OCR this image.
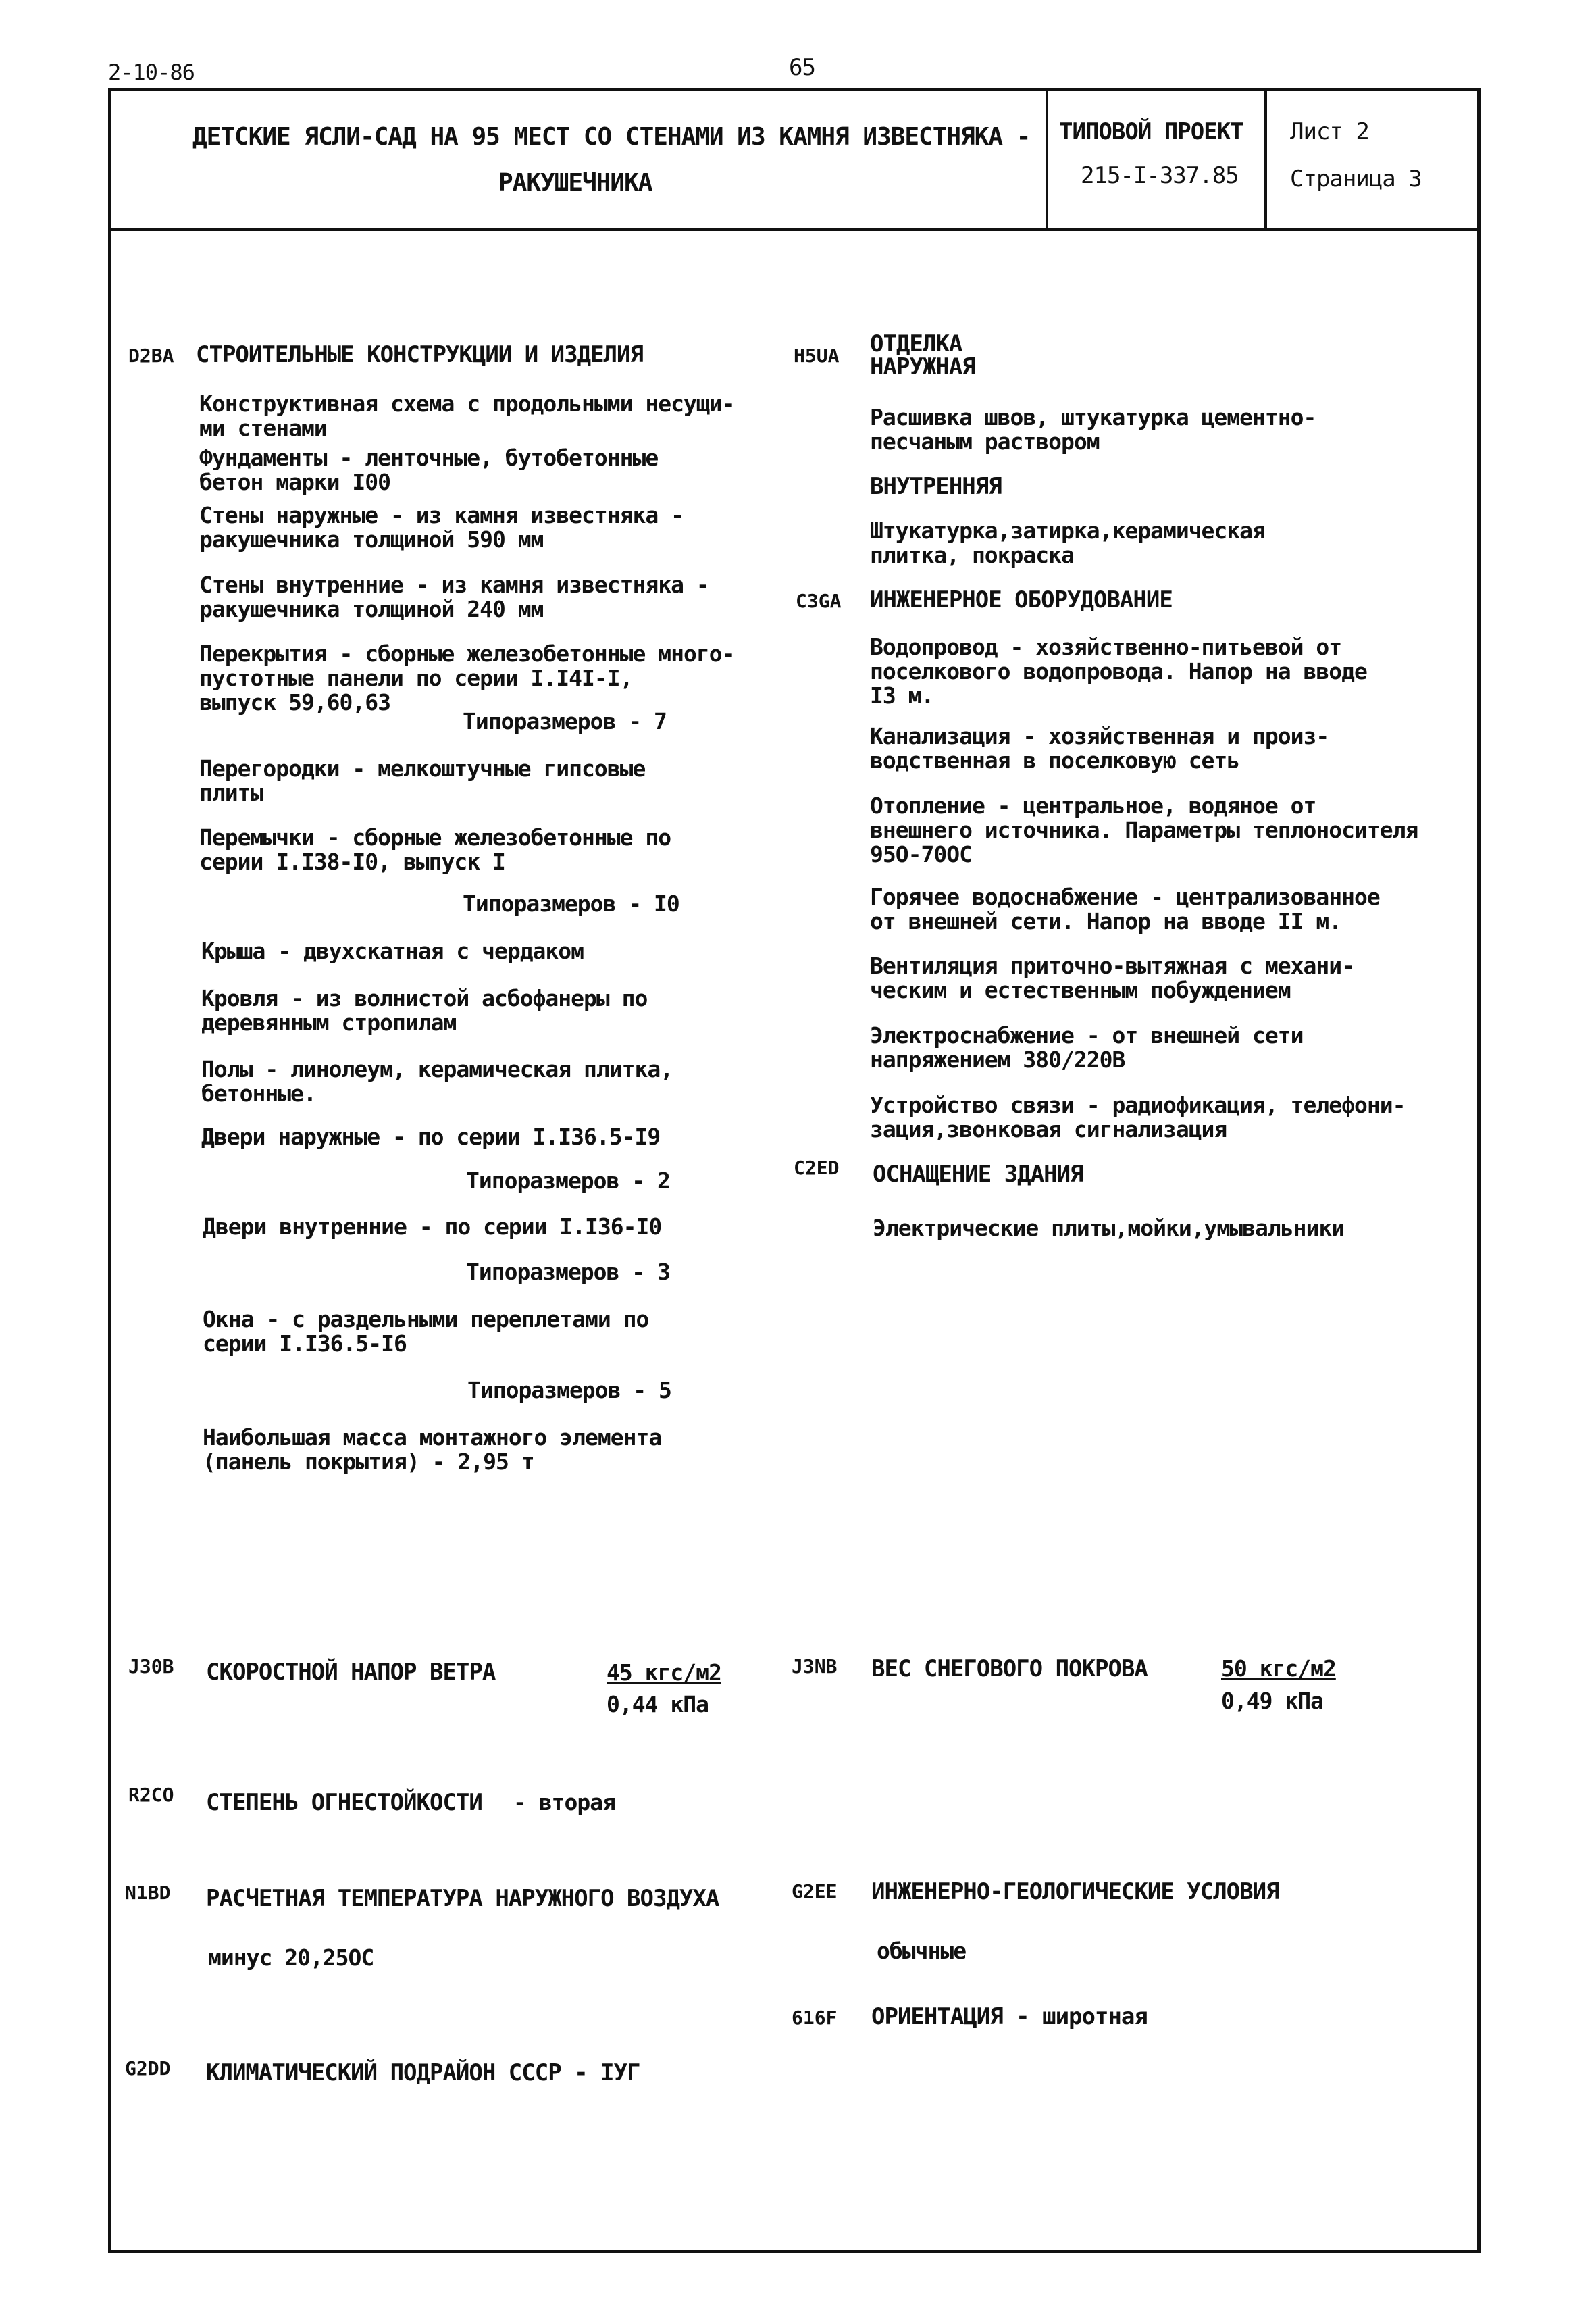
2-10-86	65
ДЕТСКИЕ ЯСЛИ-САД НА 95 МЕСТ СО СТЕНАМИ ИЗ КАМНЯ ИЗВЕСТНЯКА -
РАКУШЕЧНИКА
ТИПОВОЙ ПРОЕКТ
215-I-337.85
Лист 2
Страница 3
D2BA СТРОИТЕЛЬНЫЕ КОНСТРУКЦИИ И ИЗДЕЛИЯ
Конструктивная схема с продольными несущи-
ми стенами
Фундаменты - ленточные, бутобетонные
бетон марки I00
Стены наружные - из камня известняка -
ракушечника толщиной 590 мм
Стены внутренние - из камня известняка -
ракушечника толщиной 240 мм
Перекрытия - сборные железобетонные много-
пустотные панели по серии I.I4I-I,
выпуск 59,60,63
Типоразмеров - 7
Перегородки - мелкоштучные гипсовые
плиты
Перемычки - сборные железобетонные по
серии I.I38-I0, выпуск I
Типоразмеров - I0
Крыша - двухскатная с чердаком
Кровля - из волнистой асбофанеры по
деревянным стропилам
Полы - линолеум, керамическая плитка,
бетонные.
Двери наружные - по серии I.I36.5-I9
Типоразмеров - 2
Двери внутренние - по серии I.I36-I0
Типоразмеров - 3
Окна - с раздельными переплетами по
серии I.I36.5-I6
Типоразмеров - 5
Наибольшая масса монтажного элемента
(панель покрытия) - 2,95 т
H5UA ОТДЕЛКА
НАРУЖНАЯ
Расшивка швов, штукатурка цементно-
песчаным раствором
ВНУТРЕННЯЯ
Штукатурка,затирка,керамическая
плитка, покраска
C3GA ИНЖЕНЕРНОЕ ОБОРУДОВАНИЕ
Водопровод - хозяйственно-питьевой от
поселкового водопровода. Напор на вводе
I3 м.
Канализация - хозяйственная и произ-
водственная в поселковую сеть
Отопление - центральное, водяное от
внешнего источника. Параметры теплоносителя
95О-70ОС
Горячее водоснабжение - централизованное
от внешней сети. Напор на вводе II м.
Вентиляция приточно-вытяжная с механи-
ческим и естественным побуждением
Электроснабжение - от внешней сети
напряжением 380/220В
Устройство связи - радиофикация, телефони-
зация,звонковая сигнализация
C2ED ОСНАЩЕНИЕ ЗДАНИЯ
Электрические плиты,мойки,умывальники
J30B СКОРОСТНОЙ НАПОР ВЕТРА	45 кгс/м2
0,44 кПа
J3NB ВЕС СНЕГОВОГО ПОКРОВА	50 кгс/м2
0,49 кПа
R2CO СТЕПЕНЬ ОГНЕСТОЙКОСТИ - вторая
N1BD РАСЧЕТНАЯ ТЕМПЕРАТУРА НАРУЖНОГО ВОЗДУХА
минус 20,25ОС
G2EE ИНЖЕНЕРНО-ГЕОЛОГИЧЕСКИЕ УСЛОВИЯ
обычные
616F ОРИЕНТАЦИЯ - широтная
G2DD КЛИМАТИЧЕСКИЙ ПОДРАЙОН СССР - IУГ
